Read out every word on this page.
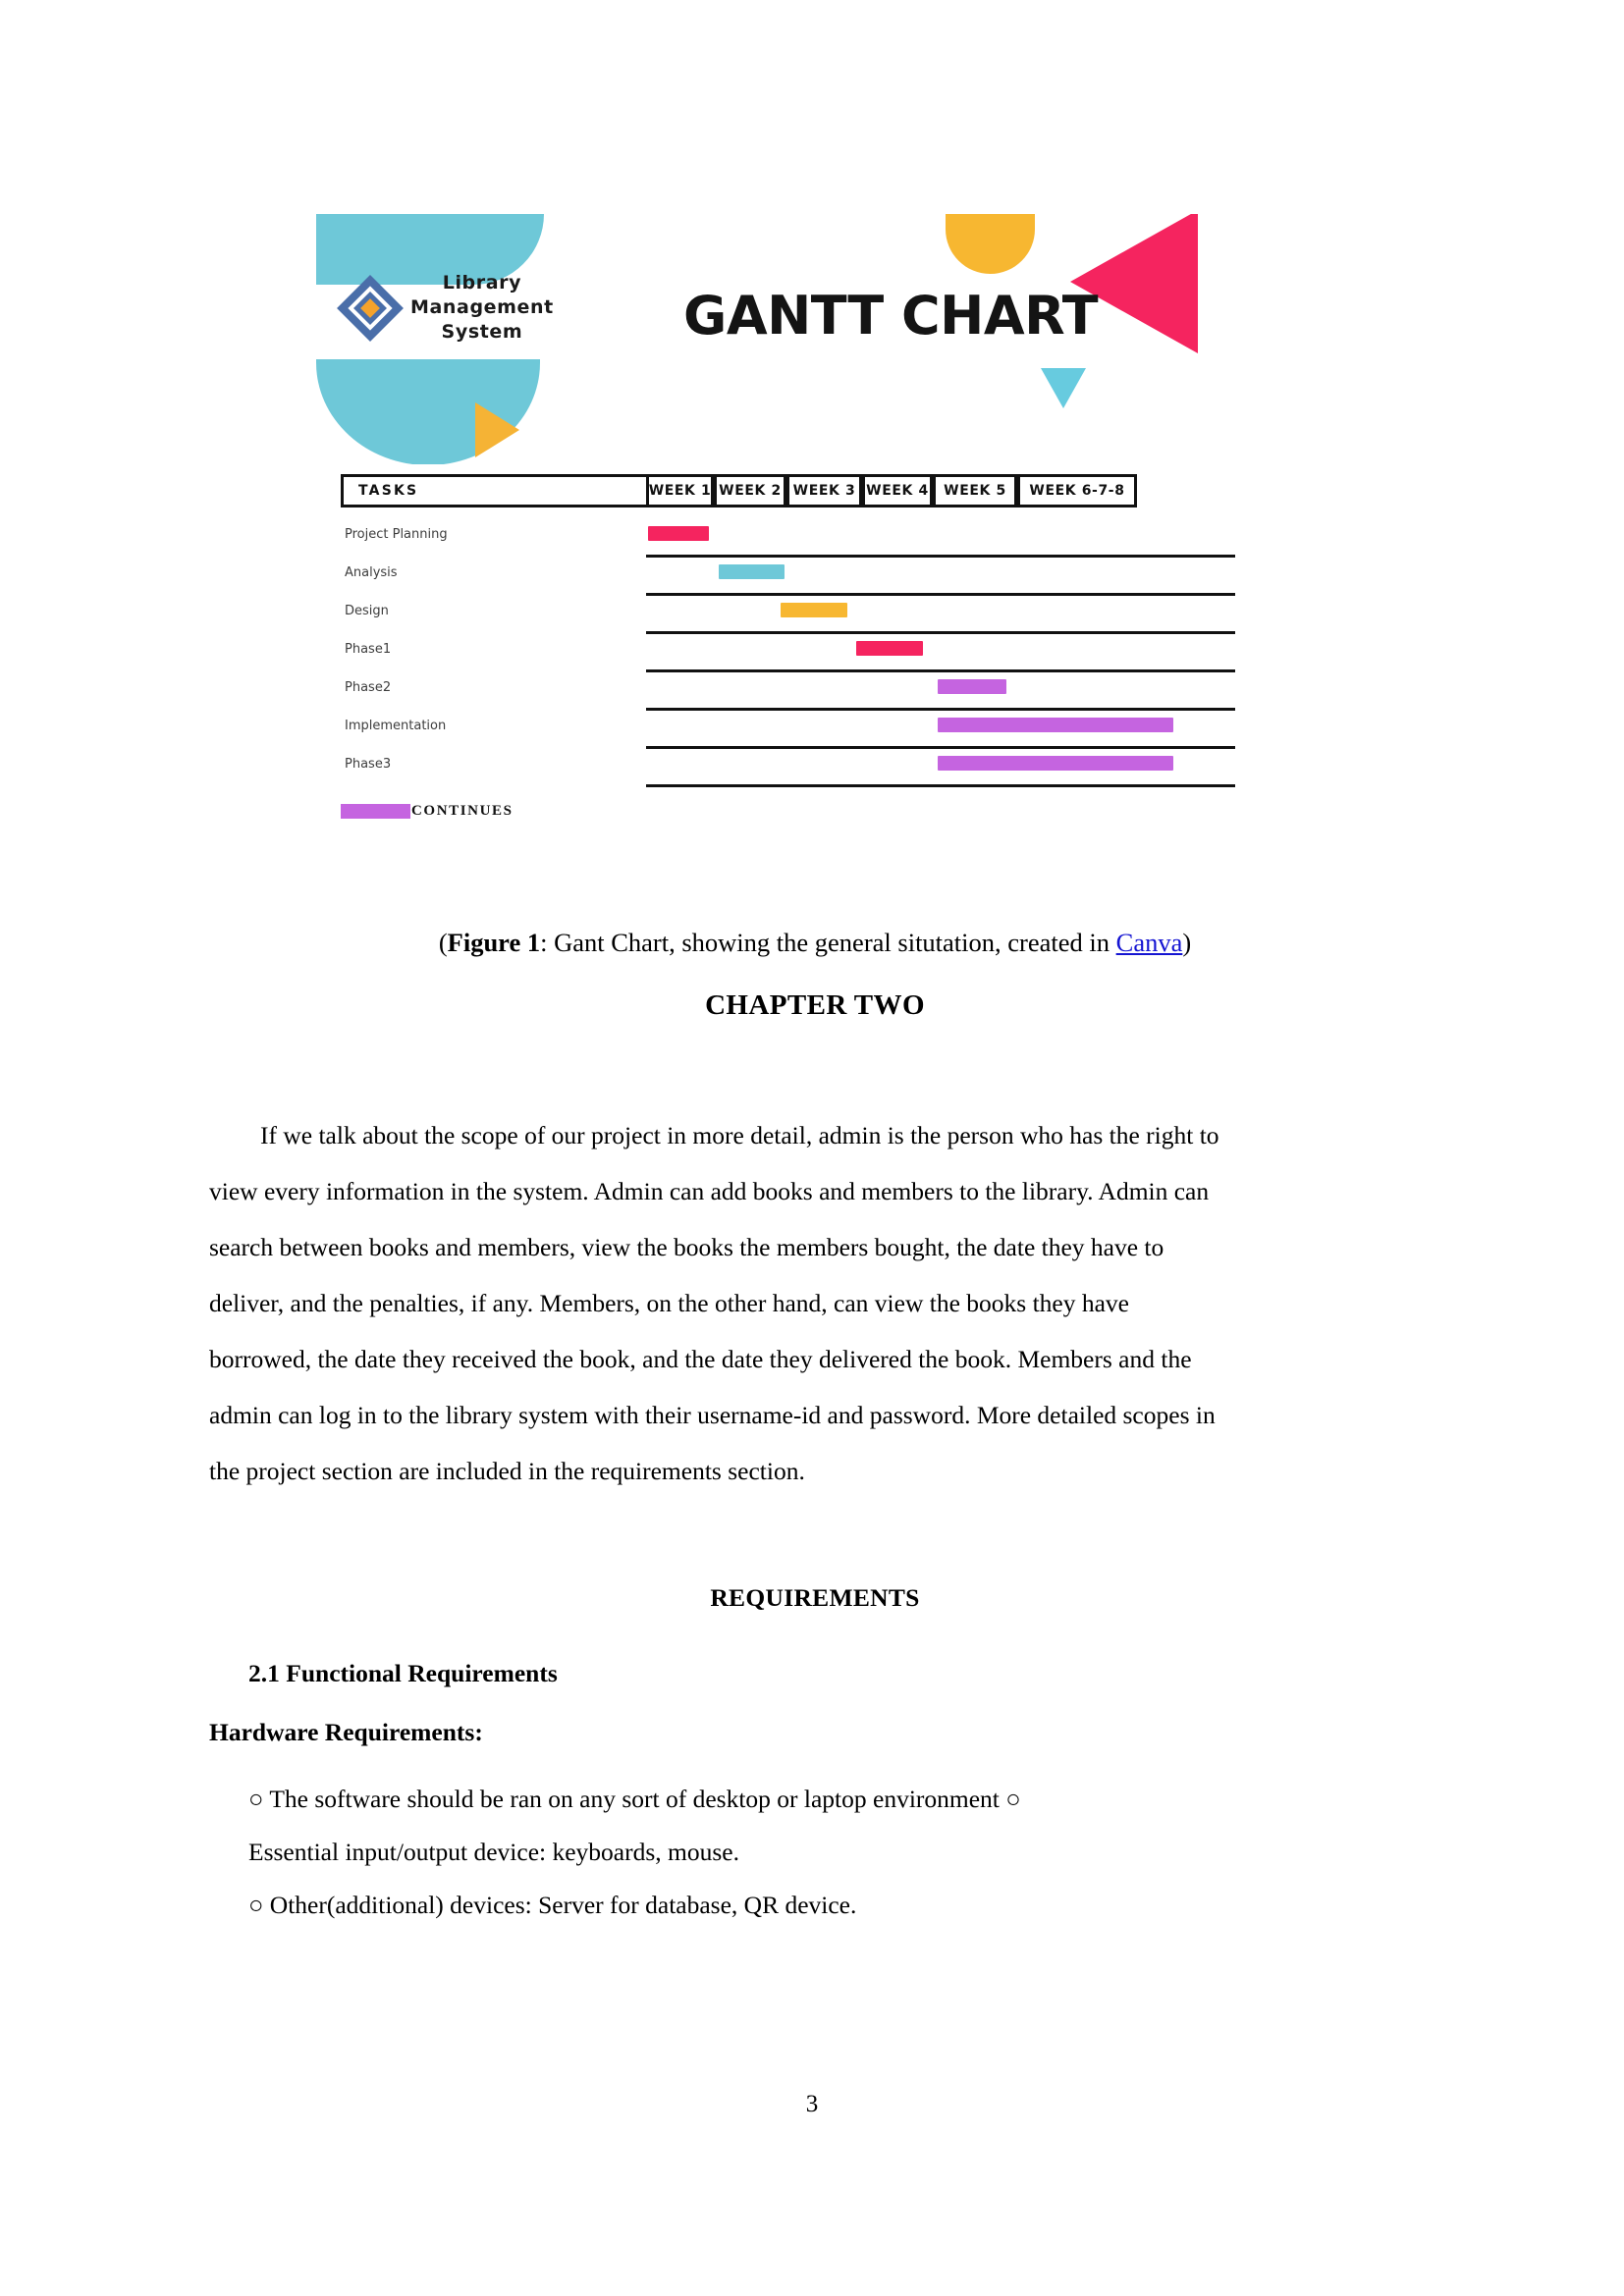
Library
Management
System	GANTT CHART
TASKS	WEEK 1 WEEK 2 WEEK 3 WEEK 4 WEEK 5 WEEK 6-7-8
Project Planning
Analysis
Design
Phase1
Phase2
Implementation
Phase3
CONTINUES
(Figure 1: Gant Chart, showing the general situtation, created in Canva)
CHAPTER TWO
If we talk about the scope of our project in more detail, admin is the person who has the right to view every information in the system. Admin can add books and members to the library. Admin can search between books and members, view the books the members bought, the date they have to deliver, and the penalties, if any. Members, on the other hand, can view the books they have borrowed, the date they received the book, and the date they delivered the book. Members and the admin can log in to the library system with their username-id and password. More detailed scopes in the project section are included in the requirements section.
REQUIREMENTS
2.1 Functional Requirements
Hardware Requirements:
○ The software should be ran on any sort of desktop or laptop environment ○
Essential input/output device: keyboards, mouse.
○ Other(additional) devices: Server for database, QR device.
3
